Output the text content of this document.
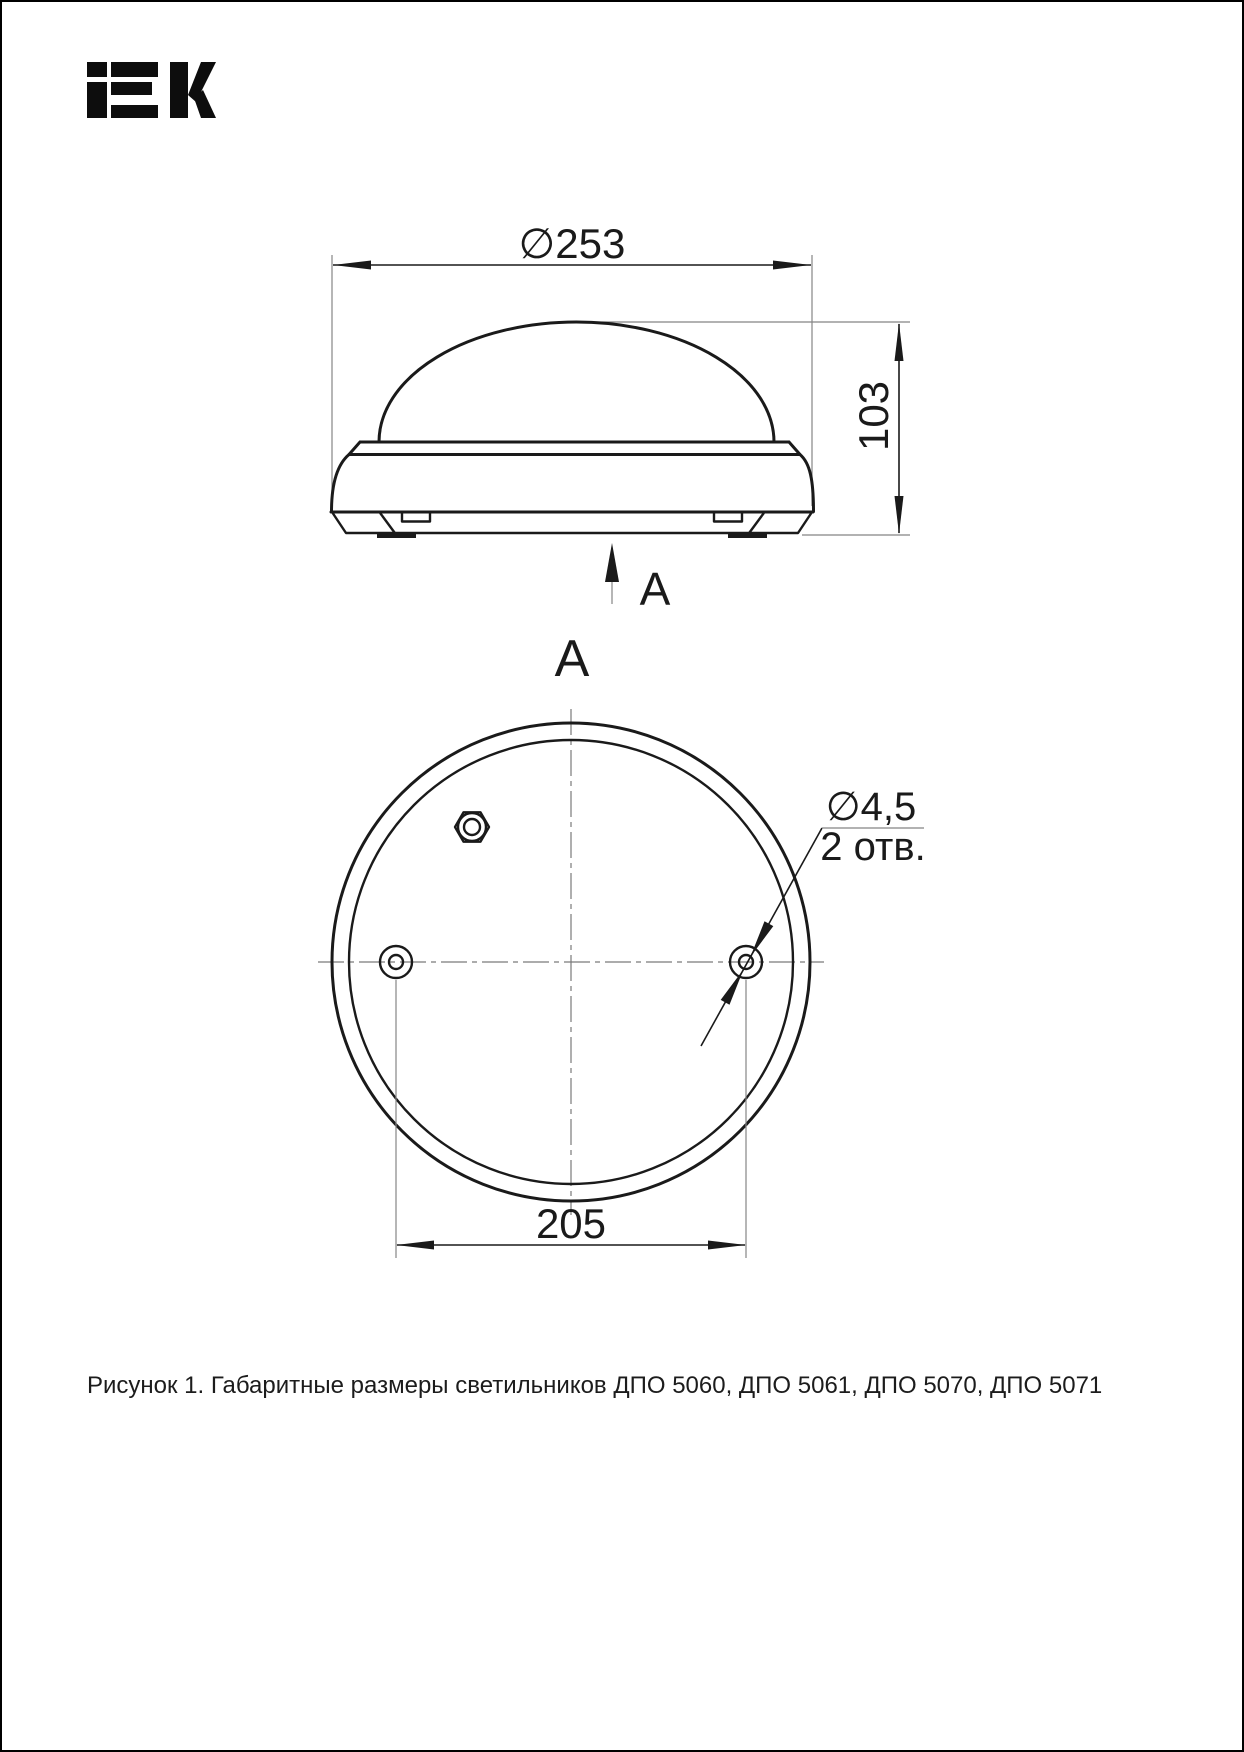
∅253
103
A
A
∅4,5
2 отв.
205
Рисунок 1. Габаритные размеры светильников ДПО 5060, ДПО 5061, ДПО 5070, ДПО 5071
